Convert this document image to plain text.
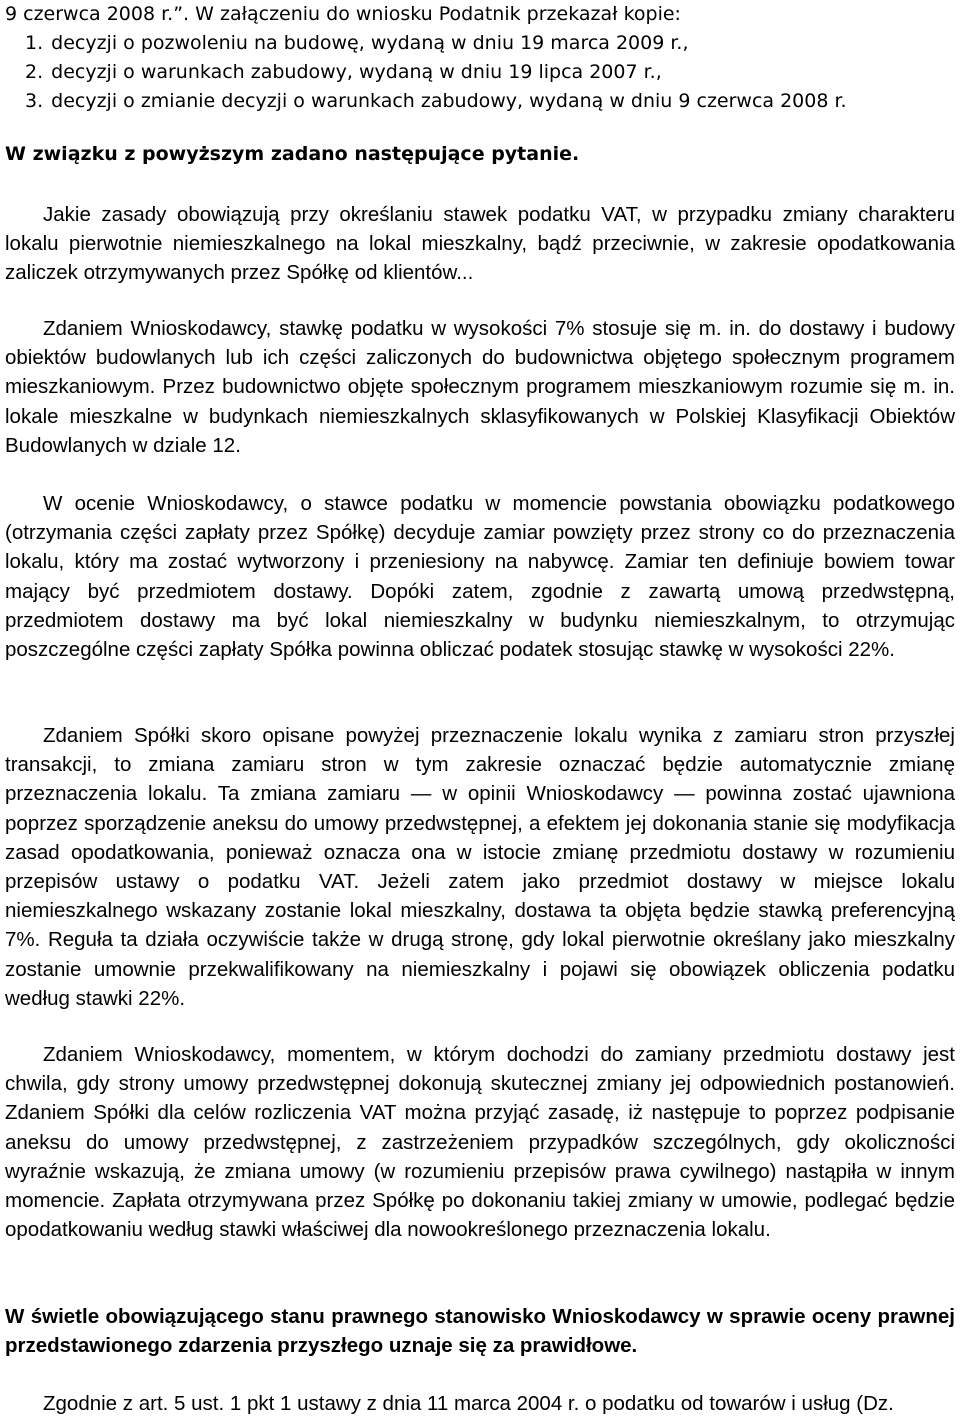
9 czerwca 2008 r.”. W załączeniu do wniosku Podatnik przekazał kopie:
1. decyzji o pozwoleniu na budowę, wydaną w dniu 19 marca 2009 r.,
2. decyzji o warunkach zabudowy, wydaną w dniu 19 lipca 2007 r.,
3. decyzji o zmianie decyzji o warunkach zabudowy, wydaną w dniu 9 czerwca 2008 r.
W związku z powyższym zadano następujące pytanie.
Jakie zasady obowiązują przy określaniu stawek podatku VAT, w przypadku zmiany charakteru lokalu pierwotnie niemieszkalnego na lokal mieszkalny, bądź przeciwnie, w zakresie opodatkowania zaliczek otrzymywanych przez Spółkę od klientów...
Zdaniem Wnioskodawcy, stawkę podatku w wysokości 7% stosuje się m. in. do dostawy i budowy obiektów budowlanych lub ich części zaliczonych do budownictwa objętego społecznym programem mieszkaniowym. Przez budownictwo objęte społecznym programem mieszkaniowym rozumie się m. in. lokale mieszkalne w budynkach niemieszkalnych sklasyfikowanych w Polskiej Klasyfikacji Obiektów Budowlanych w dziale 12.
W ocenie Wnioskodawcy, o stawce podatku w momencie powstania obowiązku podatkowego (otrzymania części zapłaty przez Spółkę) decyduje zamiar powzięty przez strony co do przeznaczenia lokalu, który ma zostać wytworzony i przeniesiony na nabywcę. Zamiar ten definiuje bowiem towar mający być przedmiotem dostawy. Dopóki zatem, zgodnie z zawartą umową przedwstępną, przedmiotem dostawy ma być lokal niemieszkalny w budynku niemieszkalnym, to otrzymując poszczególne części zapłaty Spółka powinna obliczać podatek stosując stawkę w wysokości 22%.
Zdaniem Spółki skoro opisane powyżej przeznaczenie lokalu wynika z zamiaru stron przyszłej transakcji, to zmiana zamiaru stron w tym zakresie oznaczać będzie automatycznie zmianę przeznaczenia lokalu. Ta zmiana zamiaru — w opinii Wnioskodawcy — powinna zostać ujawniona poprzez sporządzenie aneksu do umowy przedwstępnej, a efektem jej dokonania stanie się modyfikacja zasad opodatkowania, ponieważ oznacza ona w istocie zmianę przedmiotu dostawy w rozumieniu przepisów ustawy o podatku VAT. Jeżeli zatem jako przedmiot dostawy w miejsce lokalu niemieszkalnego wskazany zostanie lokal mieszkalny, dostawa ta objęta będzie stawką preferencyjną 7%. Reguła ta działa oczywiście także w drugą stronę, gdy lokal pierwotnie określany jako mieszkalny zostanie umownie przekwalifikowany na niemieszkalny i pojawi się obowiązek obliczenia podatku według stawki 22%.
Zdaniem Wnioskodawcy, momentem, w którym dochodzi do zamiany przedmiotu dostawy jest chwila, gdy strony umowy przedwstępnej dokonują skutecznej zmiany jej odpowiednich postanowień. Zdaniem Spółki dla celów rozliczenia VAT można przyjąć zasadę, iż następuje to poprzez podpisanie aneksu do umowy przedwstępnej, z zastrzeżeniem przypadków szczególnych, gdy okoliczności wyraźnie wskazują, że zmiana umowy (w rozumieniu przepisów prawa cywilnego) nastąpiła w innym momencie. Zapłata otrzymywana przez Spółkę po dokonaniu takiej zmiany w umowie, podlegać będzie opodatkowaniu według stawki właściwej dla nowookreślonego przeznaczenia lokalu.
W świetle obowiązującego stanu prawnego stanowisko Wnioskodawcy w sprawie oceny prawnej przedstawionego zdarzenia przyszłego uznaje się za prawidłowe.
Zgodnie z art. 5 ust. 1 pkt 1 ustawy z dnia 11 marca 2004 r. o podatku od towarów i usług (Dz.
